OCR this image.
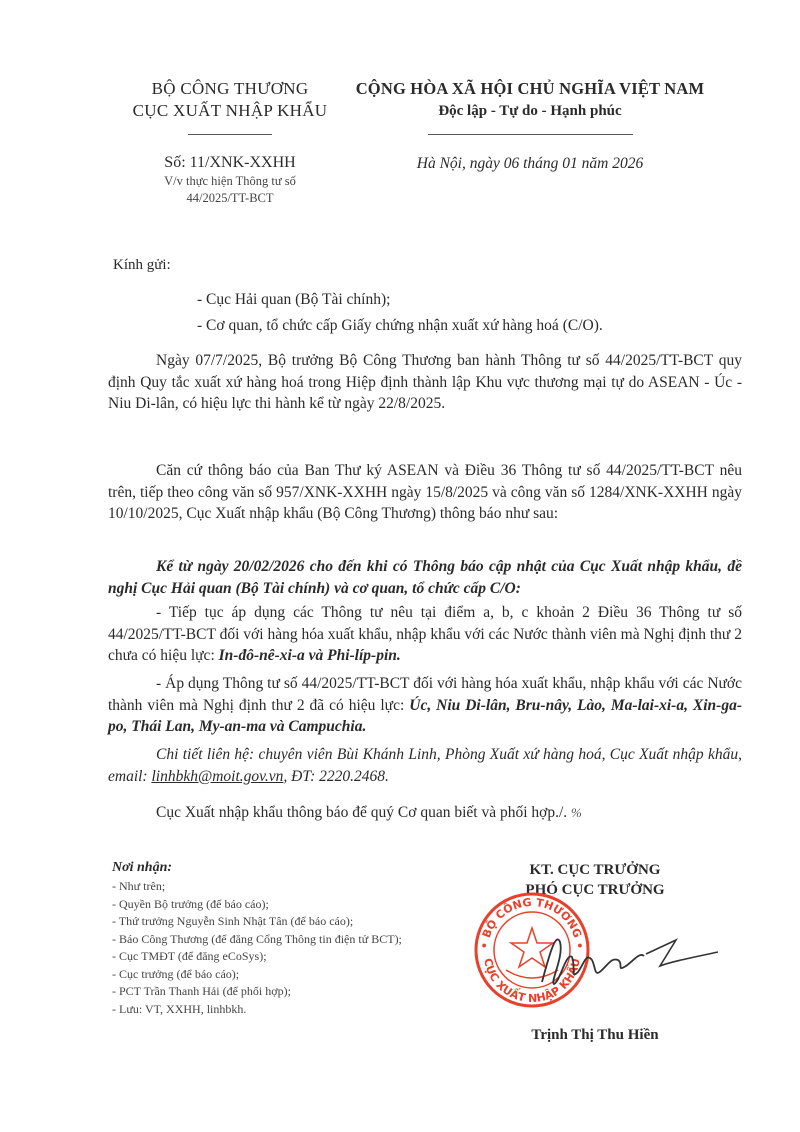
BỘ CÔNG THƯƠNG
CỤC XUẤT NHẬP KHẨU
Số: 11/XNK-XXHH
V/v thực hiện Thông tư số
44/2025/TT-BCT
CỘNG HÒA XÃ HỘI CHỦ NGHĨA VIỆT NAM
Độc lập - Tự do - Hạnh phúc
Hà Nội, ngày 06 tháng 01 năm 2026
Kính gửi:
- Cục Hải quan (Bộ Tài chính);
- Cơ quan, tổ chức cấp Giấy chứng nhận xuất xứ hàng hoá (C/O).
Ngày 07/7/2025, Bộ trưởng Bộ Công Thương ban hành Thông tư số 44/2025/TT-BCT quy định Quy tắc xuất xứ hàng hoá trong Hiệp định thành lập Khu vực thương mại tự do ASEAN - Úc - Niu Di-lân, có hiệu lực thi hành kể từ ngày 22/8/2025.
Căn cứ thông báo của Ban Thư ký ASEAN và Điều 36 Thông tư số 44/2025/TT-BCT nêu trên, tiếp theo công văn số 957/XNK-XXHH ngày 15/8/2025 và công văn số 1284/XNK-XXHH ngày 10/10/2025, Cục Xuất nhập khẩu (Bộ Công Thương) thông báo như sau:
Kể từ ngày 20/02/2026 cho đến khi có Thông báo cập nhật của Cục Xuất nhập khẩu, đề nghị Cục Hải quan (Bộ Tài chính) và cơ quan, tổ chức cấp C/O:
- Tiếp tục áp dụng các Thông tư nêu tại điểm a, b, c khoản 2 Điều 36 Thông tư số 44/2025/TT-BCT đối với hàng hóa xuất khẩu, nhập khẩu với các Nước thành viên mà Nghị định thư 2 chưa có hiệu lực: In-đô-nê-xi-a và Phi-líp-pin.
- Áp dụng Thông tư số 44/2025/TT-BCT đối với hàng hóa xuất khẩu, nhập khẩu với các Nước thành viên mà Nghị định thư 2 đã có hiệu lực: Úc, Niu Di-lân, Bru-nây, Lào, Ma-lai-xi-a, Xin-ga-po, Thái Lan, My-an-ma và Campuchia.
Chi tiết liên hệ: chuyên viên Bùi Khánh Linh, Phòng Xuất xứ hàng hoá, Cục Xuất nhập khẩu, email: linhbkh@moit.gov.vn, ĐT: 2220.2468.
Cục Xuất nhập khẩu thông báo để quý Cơ quan biết và phối hợp./. %
Nơi nhận:
- Như trên;
- Quyền Bộ trưởng (để báo cáo);
- Thứ trưởng Nguyễn Sinh Nhật Tân (để báo cáo);
- Báo Công Thương (để đăng Cổng Thông tin điện tử BCT);
- Cục TMĐT (để đăng eCoSys);
- Cục trưởng (để báo cáo);
- PCT Trần Thanh Hải (để phối hợp);
- Lưu: VT, XXHH, linhbkh.
KT. CỤC TRƯỞNG
PHÓ CỤC TRƯỞNG
• BỘ CÔNG THƯƠNG •
CỤC XUẤT NHẬP KHẨU
Trịnh Thị Thu Hiền
